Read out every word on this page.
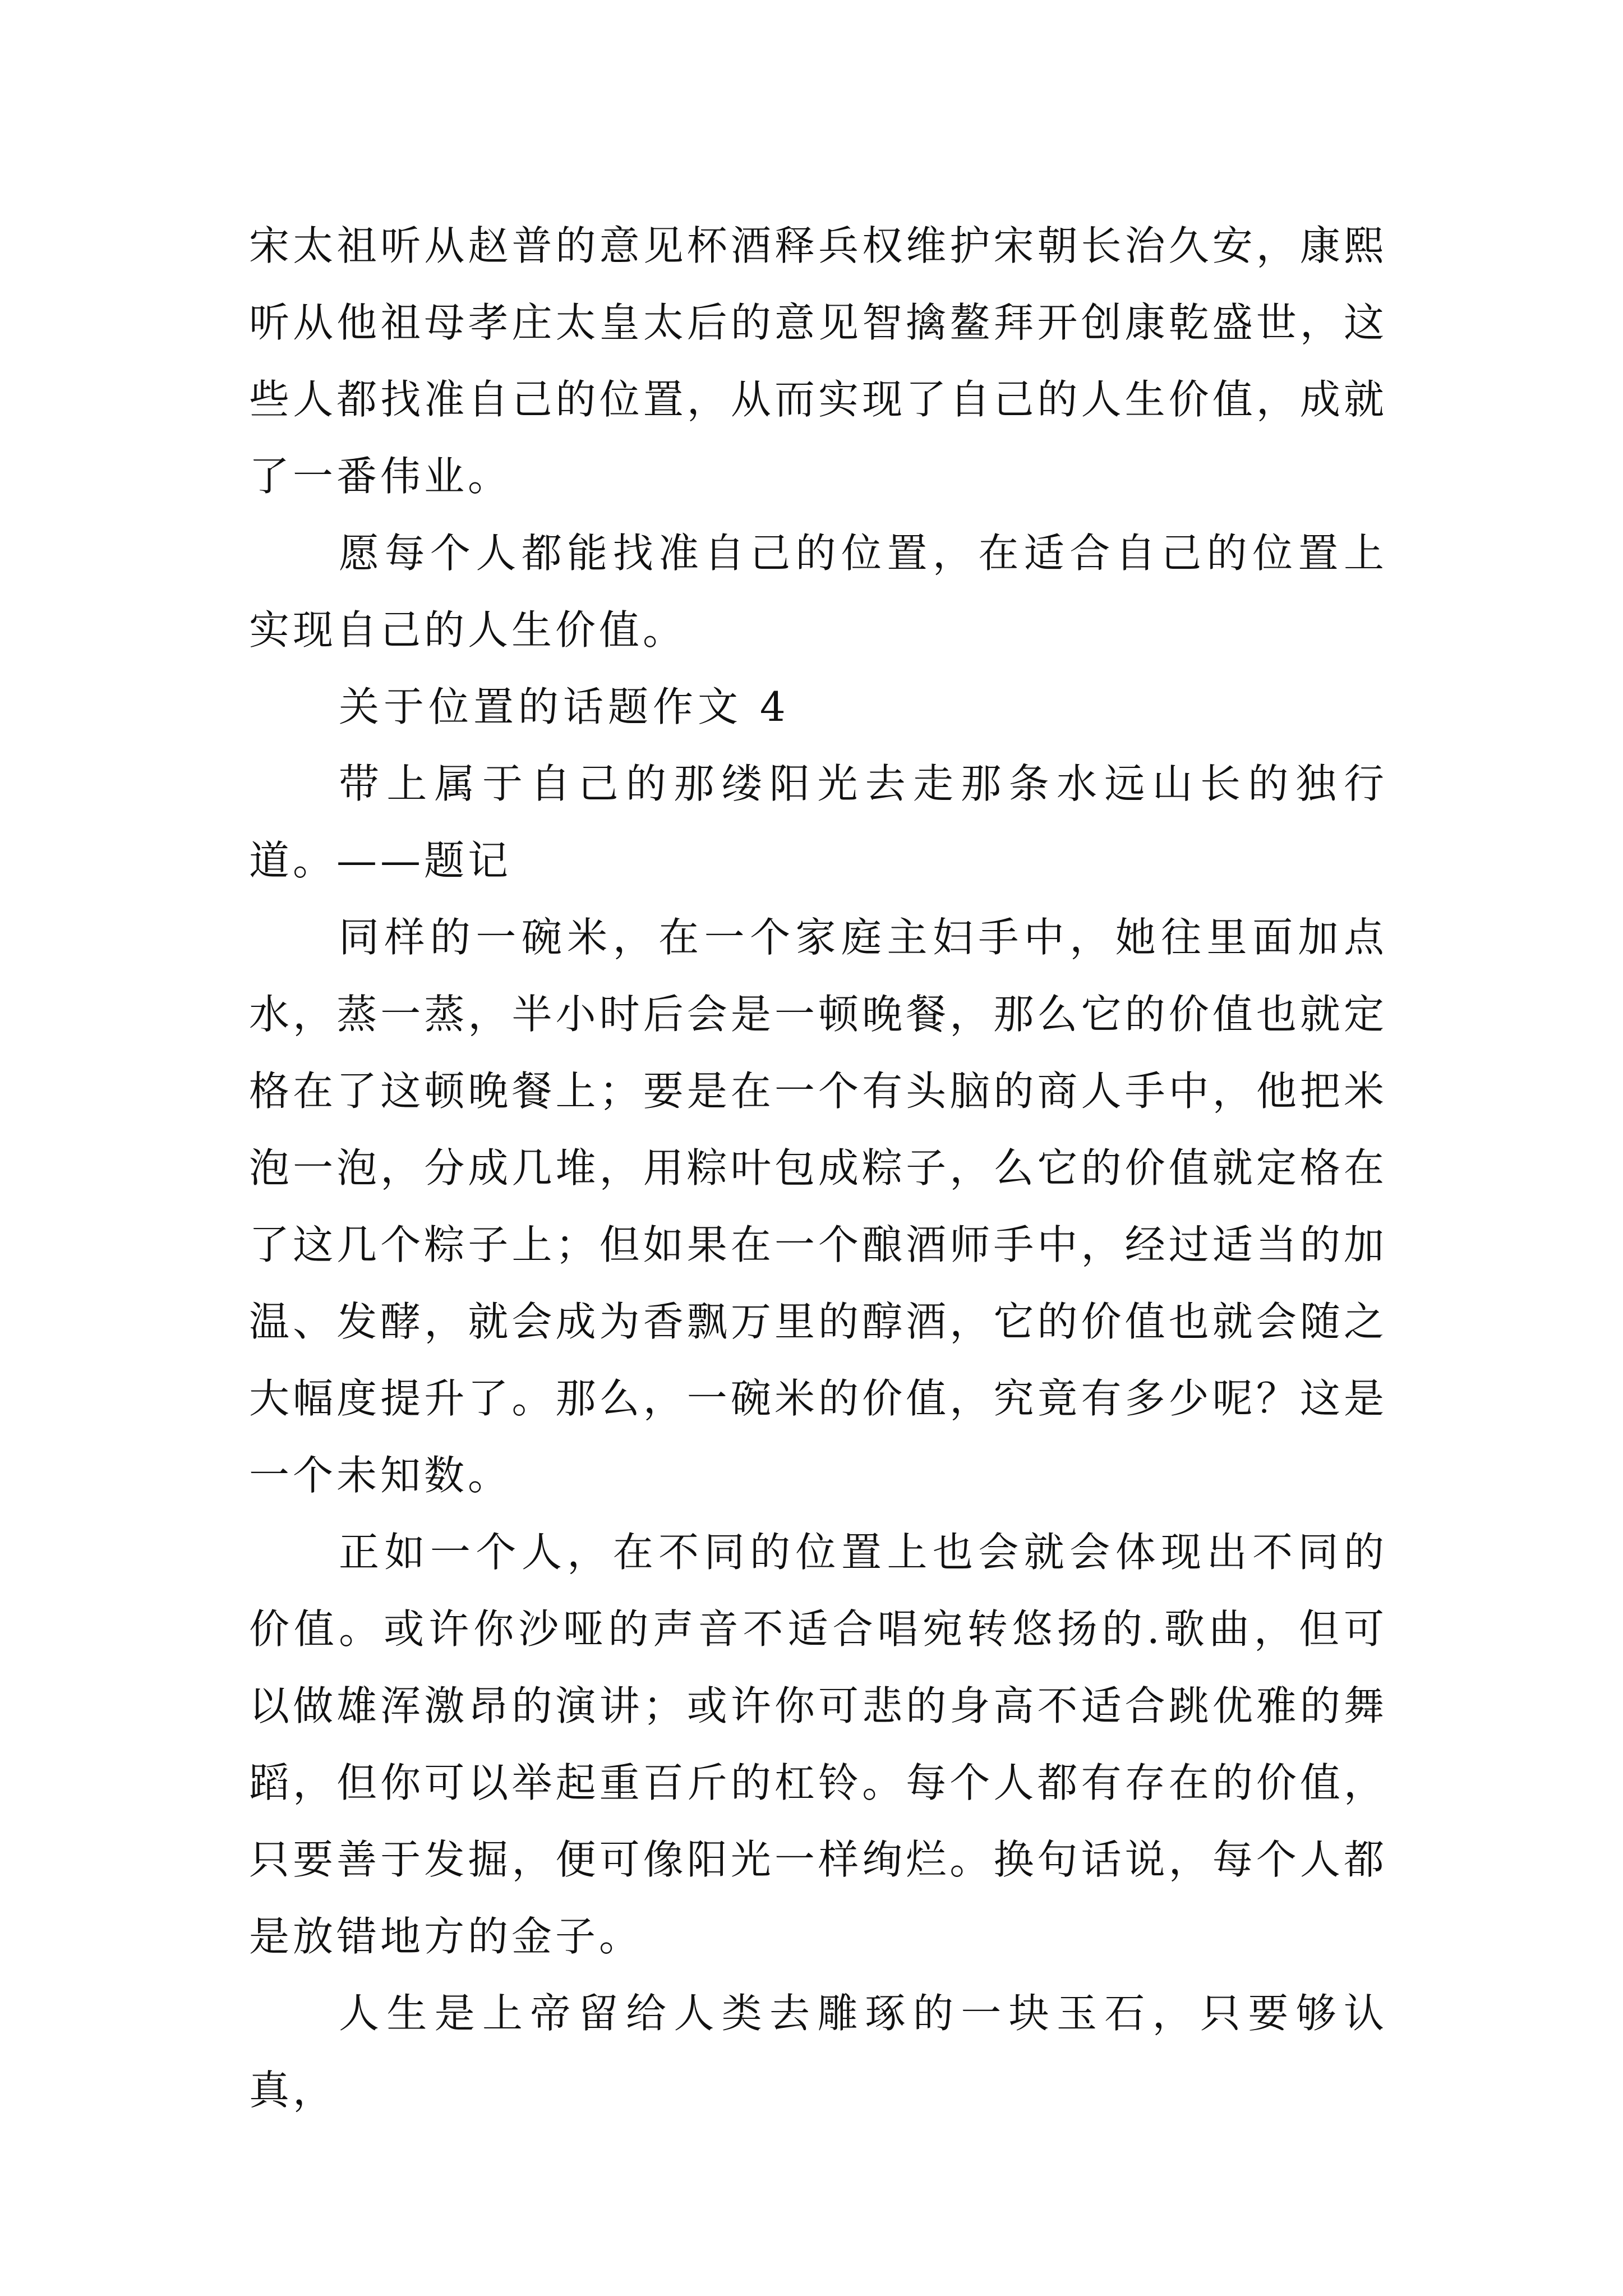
宋太祖听从赵普的意见杯酒释兵权维护宋朝长治久安，康熙听从他祖母孝庄太皇太后的意见智擒鳌拜开创康乾盛世，这些人都找准自己的位置，从而实现了自己的人生价值，成就了一番伟业。

愿每个人都能找准自己的位置，在适合自己的位置上实现自己的人生价值。

关于位置的话题作文 4

带上属于自己的那缕阳光去走那条水远山长的独行道。——题记

同样的一碗米，在一个家庭主妇手中，她往里面加点水，蒸一蒸，半小时后会是一顿晚餐，那么它的价值也就定格在了这顿晚餐上；要是在一个有头脑的商人手中，他把米泡一泡，分成几堆，用粽叶包成粽子，么它的价值就定格在了这几个粽子上；但如果在一个酿酒师手中，经过适当的加温、发酵，就会成为香飘万里的醇酒，它的价值也就会随之大幅度提升了。那么，一碗米的价值，究竟有多少呢？这是一个未知数。

正如一个人，在不同的位置上也会就会体现出不同的价值。或许你沙哑的声音不适合唱宛转悠扬的.歌曲，但可以做雄浑激昂的演讲；或许你可悲的身高不适合跳优雅的舞蹈，但你可以举起重百斤的杠铃。每个人都有存在的价值，只要善于发掘，便可像阳光一样绚烂。换句话说，每个人都是放错地方的金子。

人生是上帝留给人类去雕琢的一块玉石，只要够认真，
